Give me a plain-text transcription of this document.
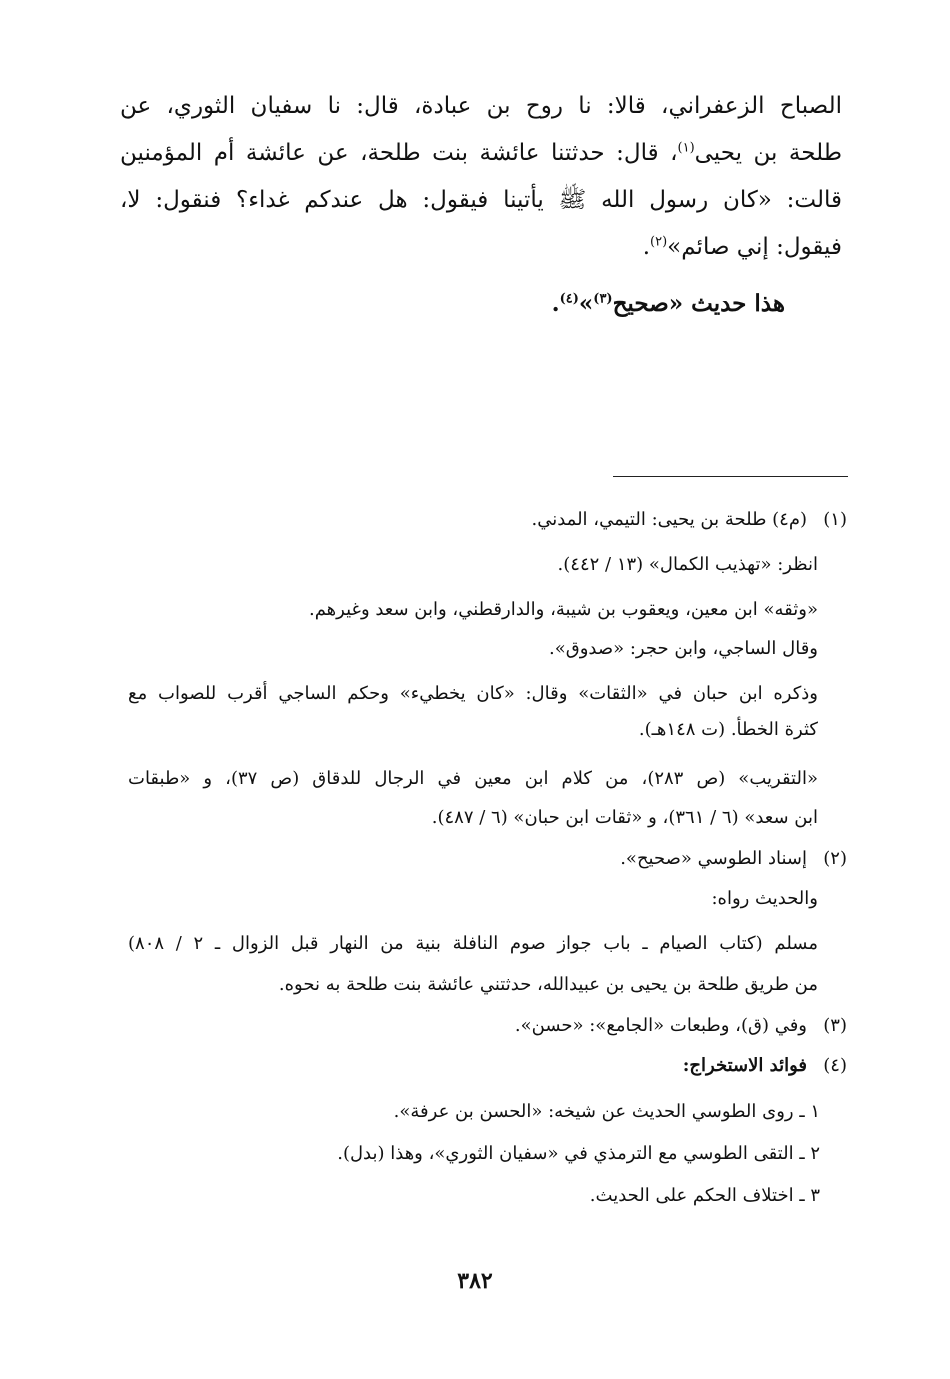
الصباح الزعفراني، قالا: نا روح بن عبادة، قال: نا سفيان الثوري، عن
طلحة بن يحيى$^{(١)}$، قال: حدثتنا عائشة بنت طلحة، عن عائشة أم المؤمنين
قالت: «كان رسول الله ﷺ يأتينا فيقول: هل عندكم غداء؟ فنقول: لا،
فيقول: إني صائم»$^{(٢)}$.
هذا حديث «صحيح$^{(٣)}$»$^{(٤)}$.
(١)
(م٤) طلحة بن يحيى: التيمي، المدني.
انظر: «تهذيب الكمال» (١٣ / ٤٤٢).
«وثقه» ابن معين، ويعقوب بن شيبة، والدارقطني، وابن سعد وغيرهم.
وقال الساجي، وابن حجر: «صدوق».
وذكره ابن حبان في «الثقات» وقال: «كان يخطيء» وحكم الساجي أقرب للصواب مع
كثرة الخطأ. (ت ١٤٨هـ).
«التقريب» (ص ٢٨٣)، من كلام ابن معين في الرجال للدقاق (ص ٣٧)، و «طبقات
ابن سعد» (٦ / ٣٦١)، و «ثقات ابن حبان» (٦ / ٤٨٧).
(٢)
إسناد الطوسي «صحيح».
والحديث رواه:
مسلم (كتاب الصيام ـ باب جواز صوم النافلة بنية من النهار قبل الزوال ـ ٢ / ٨٠٨)
من طريق طلحة بن يحيى بن عبيدالله، حدثتني عائشة بنت طلحة به نحوه.
(٣)
وفي (ق)، وطبعات «الجامع»: «حسن».
(٤)
فوائد الاستخراج:
١ ـ روى الطوسي الحديث عن شيخه: «الحسن بن عرفة».
٢ ـ التقى الطوسي مع الترمذي في «سفيان الثوري»، وهذا (بدل).
٣ ـ اختلاف الحكم على الحديث.
٣٨٢
